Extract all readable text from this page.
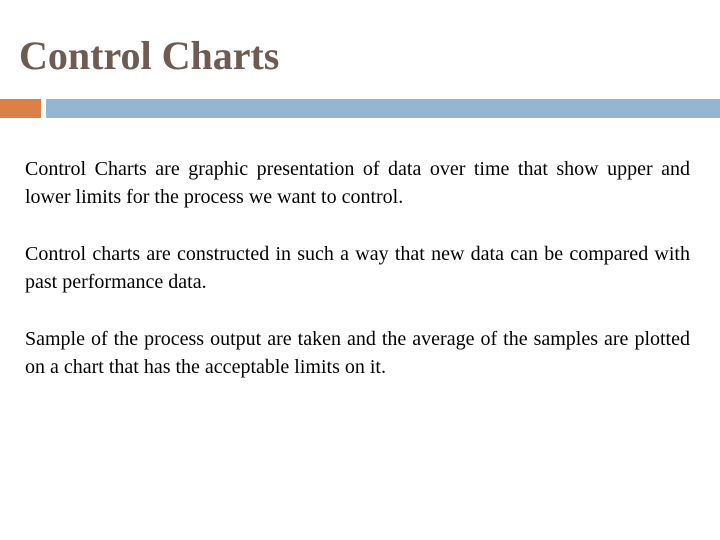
Control Charts

Control Charts are graphic presentation of data over time that show upper and lower limits for the process we want to control.

Control charts are constructed in such a way that new data can be compared with past performance data.

Sample of the process output are taken and the average of the samples are plotted on a chart that has the acceptable limits on it.
